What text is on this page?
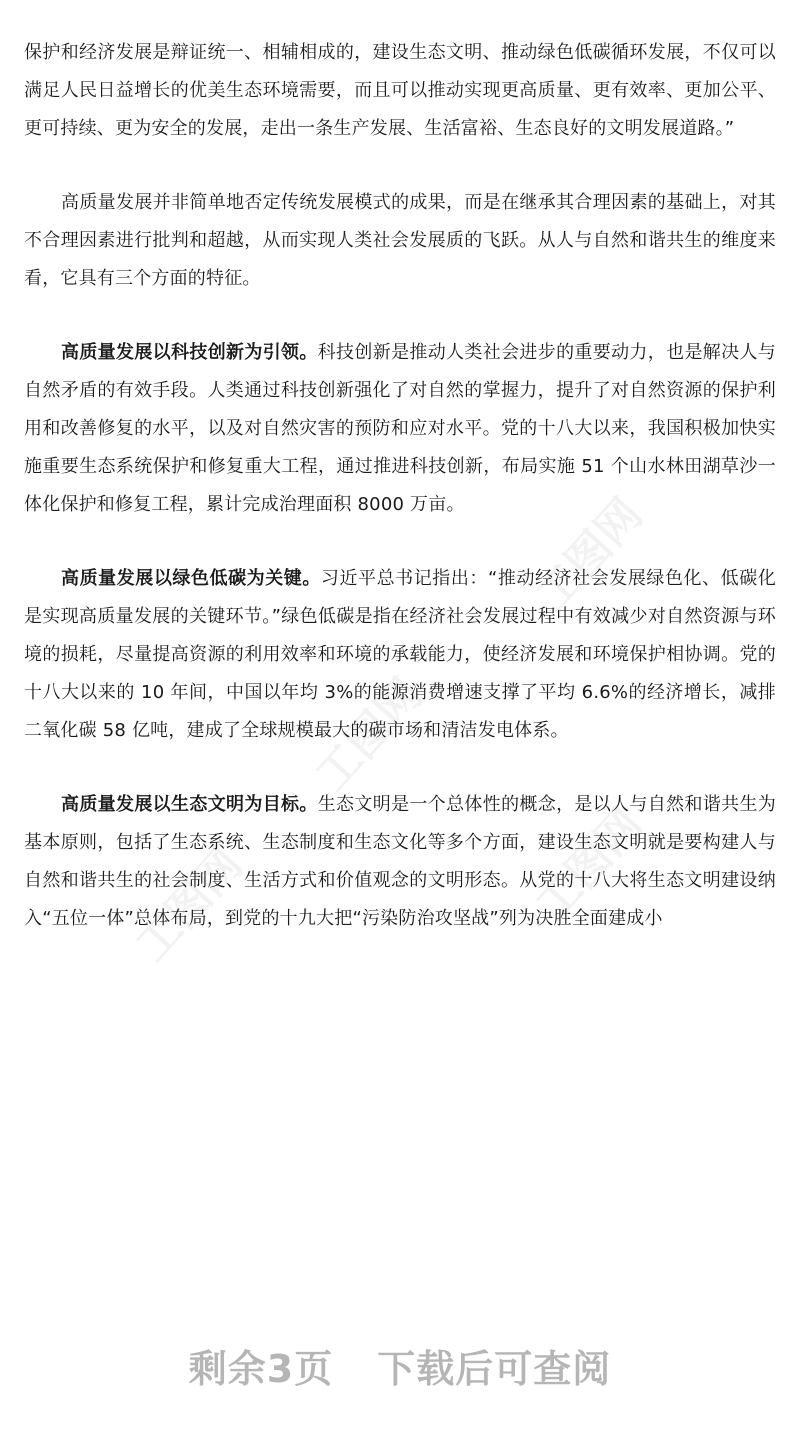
保护和经济发展是辩证统一、相辅相成的，建设生态文明、推动绿色低碳循环发展，不仅可以满足人民日益增长的优美生态环境需要，而且可以推动实现更高质量、更有效率、更加公平、更可持续、更为安全的发展，走出一条生产发展、生活富裕、生态良好的文明发展道路。”

高质量发展并非简单地否定传统发展模式的成果，而是在继承其合理因素的基础上，对其不合理因素进行批判和超越，从而实现人类社会发展质的飞跃。从人与自然和谐共生的维度来看，它具有三个方面的特征。

高质量发展以科技创新为引领。科技创新是推动人类社会进步的重要动力，也是解决人与自然矛盾的有效手段。人类通过科技创新强化了对自然的掌握力，提升了对自然资源的保护利用和改善修复的水平，以及对自然灾害的预防和应对水平。党的十八大以来，我国积极加快实施重要生态系统保护和修复重大工程，通过推进科技创新，布局实施 51 个山水林田湖草沙一体化保护和修复工程，累计完成治理面积 8000 万亩。

高质量发展以绿色低碳为关键。习近平总书记指出：“推动经济社会发展绿色化、低碳化是实现高质量发展的关键环节。”绿色低碳是指在经济社会发展过程中有效减少对自然资源与环境的损耗，尽量提高资源的利用效率和环境的承载能力，使经济发展和环境保护相协调。党的十八大以来的 10 年间，中国以年均 3%的能源消费增速支撑了平均 6.6%的经济增长，减排二氧化碳 58 亿吨，建成了全球规模最大的碳市场和清洁发电体系。

高质量发展以生态文明为目标。生态文明是一个总体性的概念，是以人与自然和谐共生为基本原则，包括了生态系统、生态制度和生态文化等多个方面，建设生态文明就是要构建人与自然和谐共生的社会制度、生活方式和价值观念的文明形态。从党的十八大将生态文明建设纳入“五位一体”总体布局，到党的十九大把“污染防治攻坚战”列为决胜全面建成小

工图网
工图网
工图网	工图网
剩余3页 下载后可查阅
